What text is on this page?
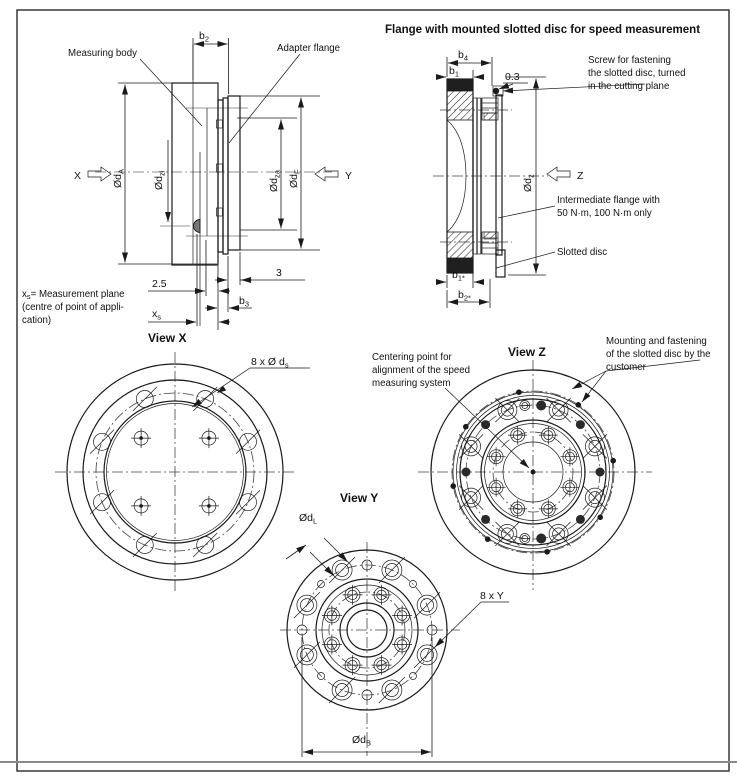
$b_2$
$Ød_A$
$Ød_{zi}$
$Ød_{za}$ $Ød_F$
Measuring body	Adapter flange
X	Y
2.5
3
$b_3$
$x_s$
$x_s=$ Measurement plane
(centre of point of appli-
cation)
Flange with mounted slotted disc for speed measurement
$b_4$
$b_1$	0.3
$Ød_z$	Z
Screw for fastening
the slotted disc, turned
in the cutting plane
Intermediate flange with
50 N·m, 100 N·m only
Slotted disc
$b_{1*}$
$b_{2*}$
View X
8 x Ø $d_s$
View Z
Centering point for
alignment of the speed
measuring system
Mounting and fastening
of the slotted disc by the
customer
View Y
$Ød_L$
8 x Y
$Ød_B$
